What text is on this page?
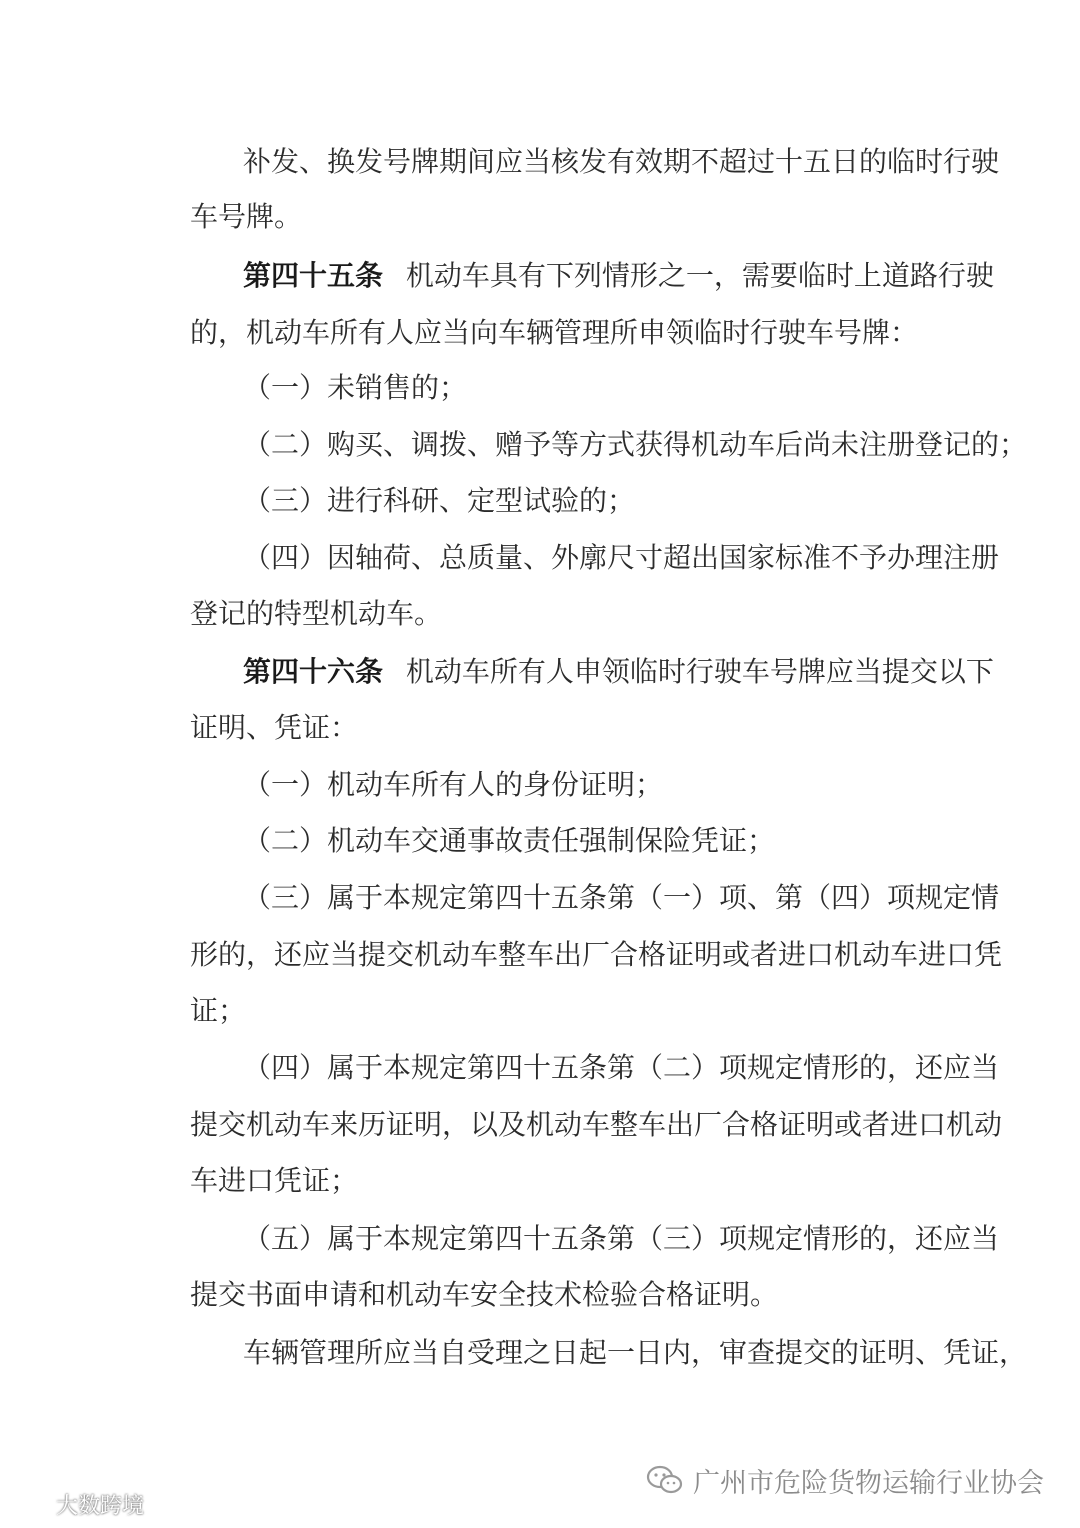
补发、换发号牌期间应当核发有效期不超过十五日的临时行驶
车号牌。
第四十五条 机动车具有下列情形之一，需要临时上道路行驶
的，机动车所有人应当向车辆管理所申领临时行驶车号牌：
（一）未销售的；
（二）购买、调拨、赠予等方式获得机动车后尚未注册登记的；
（三）进行科研、定型试验的；
（四）因轴荷、总质量、外廓尺寸超出国家标准不予办理注册
登记的特型机动车。
第四十六条 机动车所有人申领临时行驶车号牌应当提交以下
证明、凭证：
（一）机动车所有人的身份证明；
（二）机动车交通事故责任强制保险凭证；
（三）属于本规定第四十五条第（一）项、第（四）项规定情
形的，还应当提交机动车整车出厂合格证明或者进口机动车进口凭
证；
（四）属于本规定第四十五条第（二）项规定情形的，还应当
提交机动车来历证明，以及机动车整车出厂合格证明或者进口机动
车进口凭证；
（五）属于本规定第四十五条第（三）项规定情形的，还应当
提交书面申请和机动车安全技术检验合格证明。
车辆管理所应当自受理之日起一日内，审查提交的证明、凭证，
广州市危险货物运输行业协会
大数跨境
